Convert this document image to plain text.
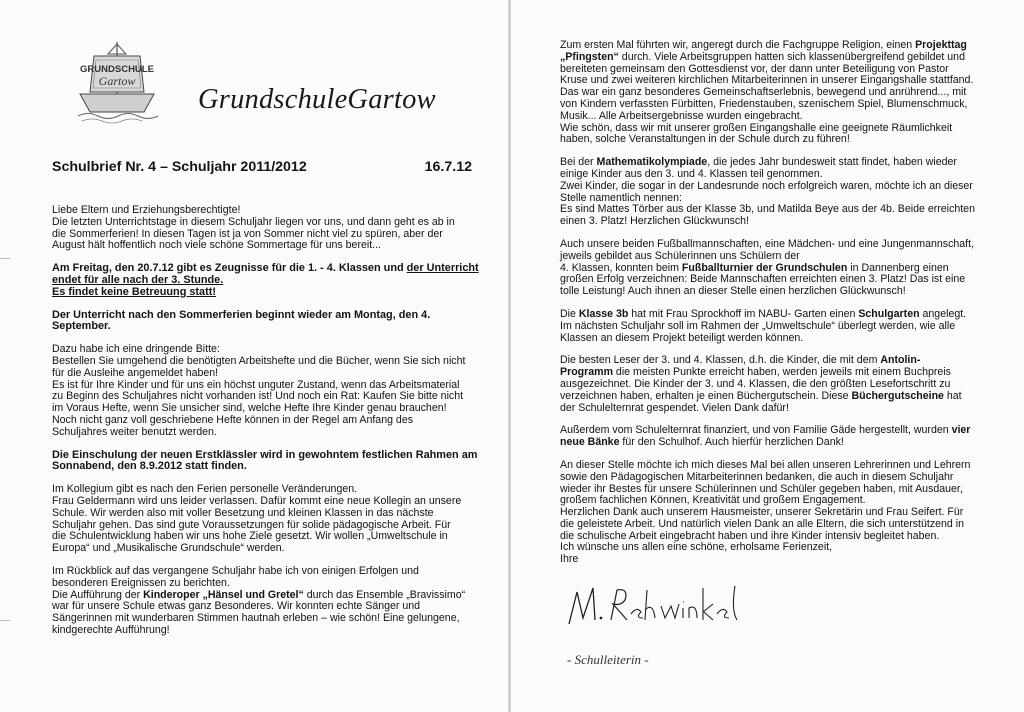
GRUNDSCHULE
Gartow
GrundschuleGartow
Schulbrief Nr. 4 – Schuljahr 2011/2012	16.7.12

Liebe Eltern und Erziehungsberechtigte!
Die letzten Unterrichtstage in diesem Schuljahr liegen vor uns, und dann geht es ab in
die Sommerferien! In diesen Tagen ist ja von Sommer nicht viel zu spüren, aber der
August hält hoffentlich noch viele schöne Sommertage für uns bereit...

Am Freitag, den 20.7.12 gibt es Zeugnisse für die 1. - 4. Klassen und der Unterricht
endet für alle nach der 3. Stunde.
Es findet keine Betreuung statt!

Der Unterricht nach den Sommerferien beginnt wieder am Montag, den 4.
September.

Dazu habe ich eine dringende Bitte:
Bestellen Sie umgehend die benötigten Arbeitshefte und die Bücher, wenn Sie sich nicht
für die Ausleihe angemeldet haben!
Es ist für Ihre Kinder und für uns ein höchst unguter Zustand, wenn das Arbeitsmaterial
zu Beginn des Schuljahres nicht vorhanden ist! Und noch ein Rat: Kaufen Sie bitte nicht
im Voraus Hefte, wenn Sie unsicher sind, welche Hefte Ihre Kinder genau brauchen!
Noch nicht ganz voll geschriebene Hefte können in der Regel am Anfang des
Schuljahres weiter benutzt werden.

Die Einschulung der neuen Erstklässler wird in gewohntem festlichen Rahmen am
Sonnabend, den 8.9.2012 statt finden.

Im Kollegium gibt es nach den Ferien personelle Veränderungen.
Frau Geldermann wird uns leider verlassen. Dafür kommt eine neue Kollegin an unsere
Schule. Wir werden also mit voller Besetzung und kleinen Klassen in das nächste
Schuljahr gehen. Das sind gute Voraussetzungen für solide pädagogische Arbeit. Für
die Schulentwicklung haben wir uns hohe Ziele gesetzt. Wir wollen „Umweltschule in
Europa“ und „Musikalische Grundschule“ werden.

Im Rückblick auf das vergangene Schuljahr habe ich von einigen Erfolgen und
besonderen Ereignissen zu berichten.
Die Aufführung der Kinderoper „Hänsel und Gretel“ durch das Ensemble „Bravissimo“
war für unsere Schule etwas ganz Besonderes. Wir konnten echte Sänger und
Sängerinnen mit wunderbaren Stimmen hautnah erleben – wie schön! Eine gelungene,
kindgerechte Aufführung!

Zum ersten Mal führten wir, angeregt durch die Fachgruppe Religion, einen Projekttag
„Pfingsten“ durch. Viele Arbeitsgruppen hatten sich klassenübergreifend gebildet und
bereiteten gemeinsam den Gottesdienst vor, der dann unter Beteiligung von Pastor
Kruse und zwei weiteren kirchlichen Mitarbeiterinnen in unserer Eingangshalle stattfand.
Das war ein ganz besonderes Gemeinschaftserlebnis, bewegend und anrührend..., mit
von Kindern verfassten Fürbitten, Friedenstauben, szenischem Spiel, Blumenschmuck,
Musik... Alle Arbeitsergebnisse wurden eingebracht.
Wie schön, dass wir mit unserer großen Eingangshalle eine geeignete Räumlichkeit
haben, solche Veranstaltungen in der Schule durch zu führen!

Bei der Mathematikolympiade, die jedes Jahr bundesweit statt findet, haben wieder
einige Kinder aus den 3. und 4. Klassen teil genommen.
Zwei Kinder, die sogar in der Landesrunde noch erfolgreich waren, möchte ich an dieser
Stelle namentlich nennen:
Es sind Mattes Törber aus der Klasse 3b, und Matilda Beye aus der 4b. Beide erreichten
einen 3. Platz! Herzlichen Glückwunsch!

Auch unsere beiden Fußballmannschaften, eine Mädchen- und eine Jungenmannschaft,
jeweils gebildet aus Schülerinnen uns Schülern der
4. Klassen, konnten beim Fußballturnier der Grundschulen in Dannenberg einen
großen Erfolg verzeichnen: Beide Mannschaften erreichten einen 3. Platz! Das ist eine
tolle Leistung! Auch ihnen an dieser Stelle einen herzlichen Glückwunsch!

Die Klasse 3b hat mit Frau Sprockhoff im NABU- Garten einen Schulgarten angelegt.
Im nächsten Schuljahr soll im Rahmen der „Umweltschule“ überlegt werden, wie alle
Klassen an diesem Projekt beteiligt werden können.

Die besten Leser der 3. und 4. Klassen, d.h. die Kinder, die mit dem Antolin-
Programm die meisten Punkte erreicht haben, werden jeweils mit einem Buchpreis
ausgezeichnet. Die Kinder der 3. und 4. Klassen, die den größten Lesefortschritt zu
verzeichnen haben, erhalten je einen Büchergutschein. Diese Büchergutscheine hat
der Schulelternrat gespendet. Vielen Dank dafür!

Außerdem vom Schulelternrat finanziert, und von Familie Gäde hergestellt, wurden vier
neue Bänke für den Schulhof. Auch hierfür herzlichen Dank!

An dieser Stelle möchte ich mich dieses Mal bei allen unseren Lehrerinnen und Lehrern
sowie den Pädagogischen Mitarbeiterinnen bedanken, die auch in diesem Schuljahr
wieder ihr Bestes für unsere Schülerinnen und Schüler gegeben haben, mit Ausdauer,
großem fachlichen Können, Kreativität und großem Engagement.
Herzlichen Dank auch unserem Hausmeister, unserer Sekretärin und Frau Seifert. Für
die geleistete Arbeit. Und natürlich vielen Dank an alle Eltern, die sich unterstützend in
die schulische Arbeit eingebracht haben und ihre Kinder intensiv begleitet haben.
Ich wünsche uns allen eine schöne, erholsame Ferienzeit,
Ihre

- Schulleiterin -
